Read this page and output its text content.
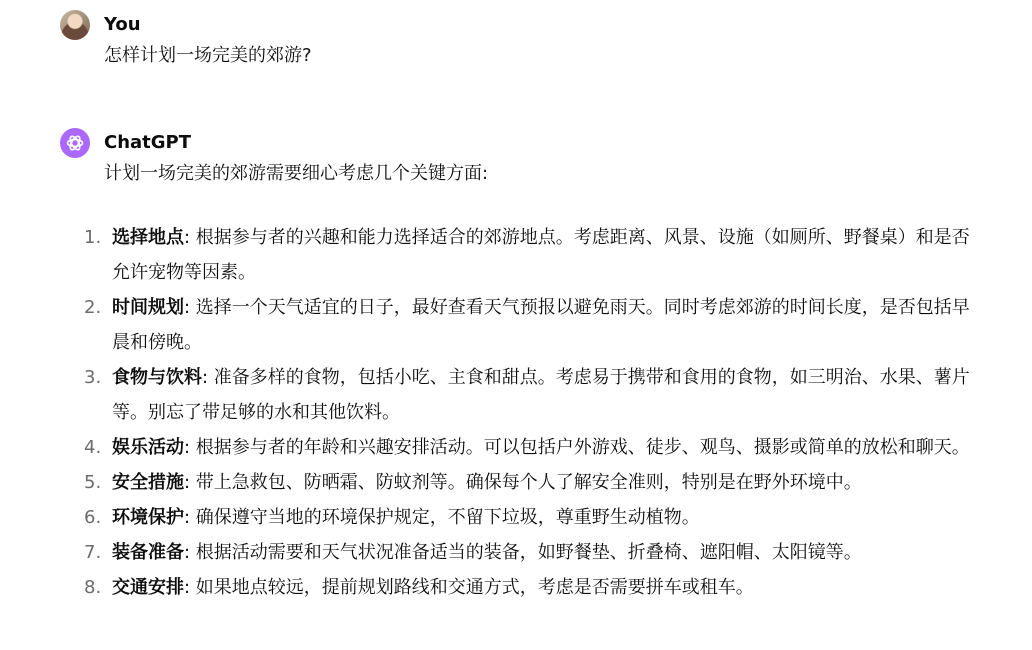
You
怎样计划一场完美的郊游?
ChatGPT
计划一场完美的郊游需要细心考虑几个关键方面:
1. 选择地点: 根据参与者的兴趣和能力选择适合的郊游地点。考虑距离、风景、设施（如厕所、野餐桌）和是否允许宠物等因素。
2. 时间规划: 选择一个天气适宜的日子，最好查看天气预报以避免雨天。同时考虑郊游的时间长度，是否包括早晨和傍晚。
3. 食物与饮料: 准备多样的食物，包括小吃、主食和甜点。考虑易于携带和食用的食物，如三明治、水果、薯片等。别忘了带足够的水和其他饮料。
4. 娱乐活动: 根据参与者的年龄和兴趣安排活动。可以包括户外游戏、徒步、观鸟、摄影或简单的放松和聊天。
5. 安全措施: 带上急救包、防晒霜、防蚊剂等。确保每个人了解安全准则，特别是在野外环境中。
6. 环境保护: 确保遵守当地的环境保护规定，不留下垃圾，尊重野生动植物。
7. 装备准备: 根据活动需要和天气状况准备适当的装备，如野餐垫、折叠椅、遮阳帽、太阳镜等。
8. 交通安排: 如果地点较远，提前规划路线和交通方式，考虑是否需要拼车或租车。
